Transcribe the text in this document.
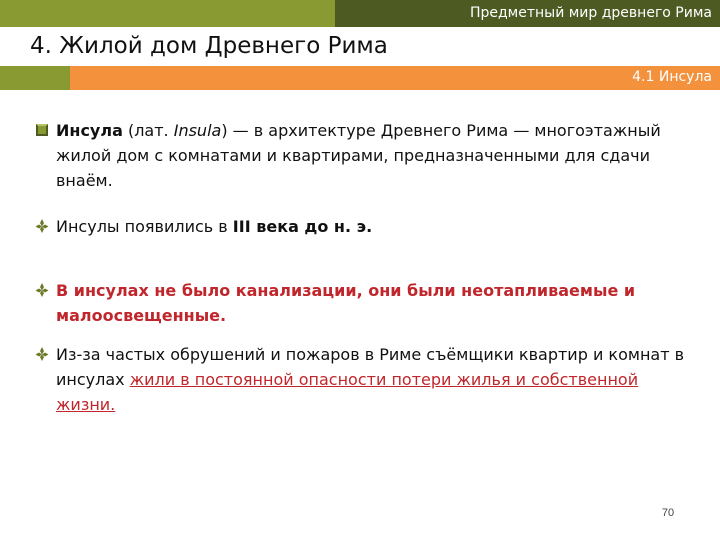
Предметный мир древнего Рима
4. Жилой дом Древнего Рима
4.1 Инсула
Инсула (лат. Insula) — в архитектуре Древнего Рима — многоэтажный жилой дом с комнатами и квартирами, предназначенными для сдачи внаём.
Инсулы появились в III века до н. э.
В инсулах не было канализации, они были неотапливаемые и малоосвещенные.
Из-за частых обрушений и пожаров в Риме съёмщики квартир и комнат в инсулах жили в постоянной опасности потери жилья и собственной жизни.
70
